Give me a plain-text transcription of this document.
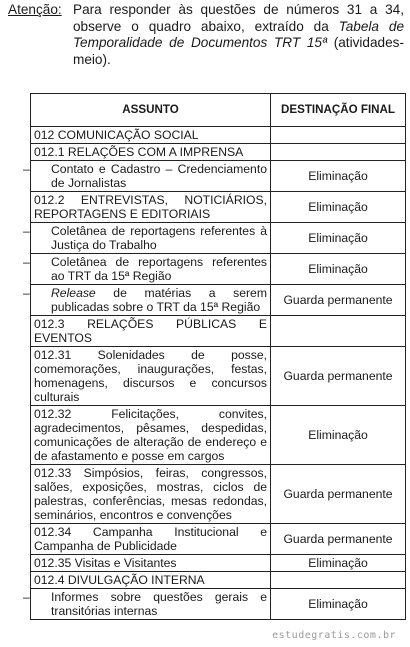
Atenção: Para responder às questões de números 31 a 34, observe o quadro abaixo, extraído da Tabela de Temporalidade de Documentos TRT 15ª (atividades-meio).
ASSUNTO	DESTINAÇÃO FINAL
012 COMUNICAÇÃO SOCIAL	
012.1 RELAÇÕES COM A IMPRENSA	

– Contato e Cadastro – Credenciamento de Jornalistas	Eliminação

012.2 ENTREVISTAS, NOTICIÁRIOS, REPORTAGENS E EDITORIAIS	Eliminação

– Coletânea de reportagens referentes à Justiça do Trabalho	Eliminação

– Coletânea de reportagens referentes ao TRT da 15ª Região	Eliminação

– Release de matérias a serem publicadas sobre o TRT da 15ª Região	Guarda permanente
012.3 RELAÇÕES PÚBLICAS E EVENTOS	

012.31 Solenidades de posse, comemorações, inaugurações, festas, homenagens, discursos e concursos culturais	Guarda permanente

012.32 Felicitações, convites, agradecimentos, pêsames, despedidas, comunicações de alteração de endereço e de afastamento e posse em cargos	Eliminação

012.33 Simpósios, feiras, congressos, salões, exposições, mostras, ciclos de palestras, conferências, mesas redondas, seminários, encontros e convenções	Guarda permanente

012.34 Campanha Institucional e Campanha de Publicidade	Guarda permanente
012.35 Visitas e Visitantes	Eliminação
012.4 DIVULGAÇÃO INTERNA	

– Informes sobre questões gerais e transitórias internas	Eliminação
estudegratis.com.br
